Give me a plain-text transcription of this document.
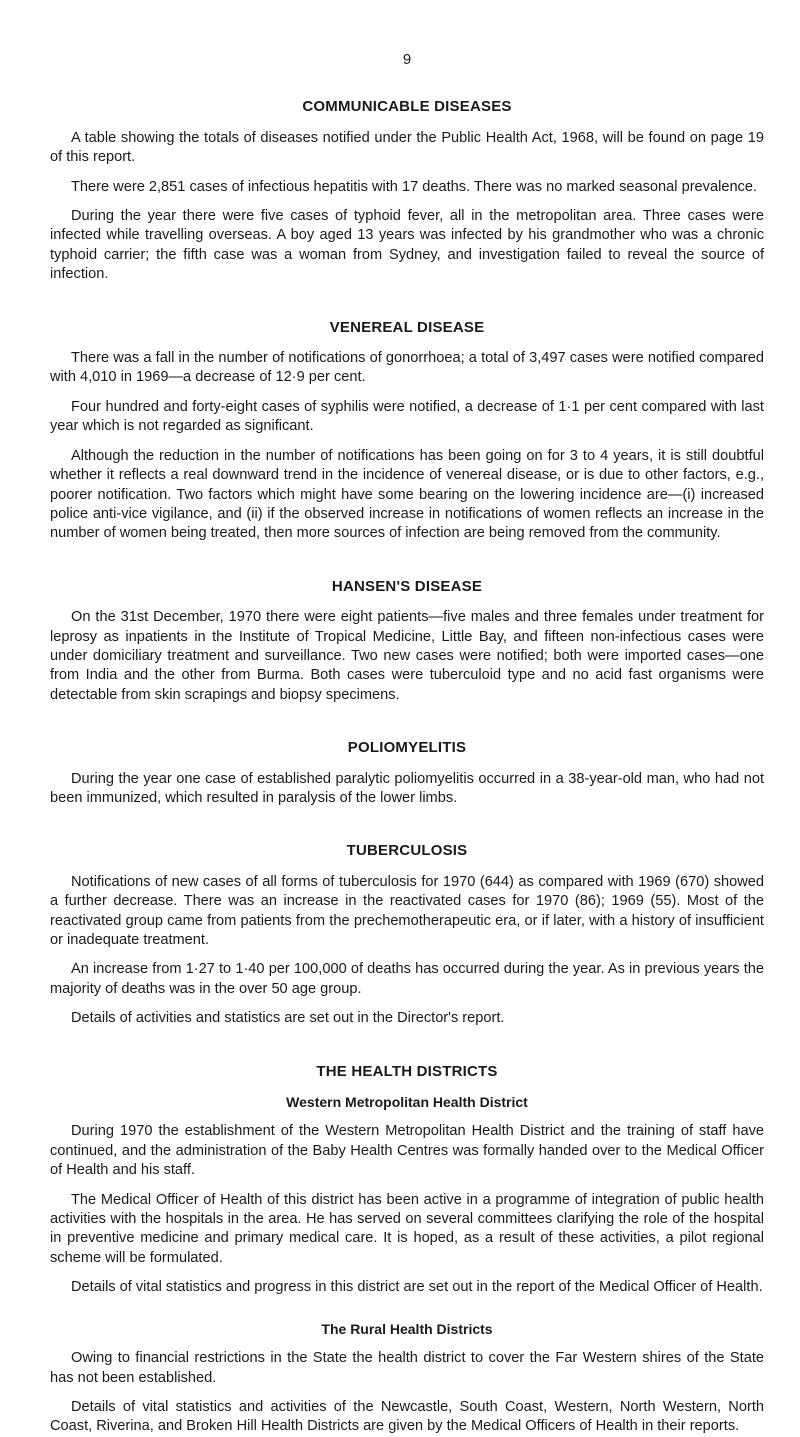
9
COMMUNICABLE DISEASES

A table showing the totals of diseases notified under the Public Health Act, 1968, will be found on page 19 of this report.

There were 2,851 cases of infectious hepatitis with 17 deaths. There was no marked seasonal prevalence.

During the year there were five cases of typhoid fever, all in the metropolitan area. Three cases were infected while travelling overseas. A boy aged 13 years was infected by his grandmother who was a chronic typhoid carrier; the fifth case was a woman from Sydney, and investigation failed to reveal the source of infection.

VENEREAL DISEASE

There was a fall in the number of notifications of gonorrhoea; a total of 3,497 cases were notified compared with 4,010 in 1969—a decrease of 12·9 per cent.

Four hundred and forty-eight cases of syphilis were notified, a decrease of 1·1 per cent compared with last year which is not regarded as significant.

Although the reduction in the number of notifications has been going on for 3 to 4 years, it is still doubtful whether it reflects a real downward trend in the incidence of venereal disease, or is due to other factors, e.g., poorer notification. Two factors which might have some bearing on the lowering incidence are—(i) increased police anti-vice vigilance, and (ii) if the observed increase in notifications of women reflects an increase in the number of women being treated, then more sources of infection are being removed from the community.

HANSEN'S DISEASE

On the 31st December, 1970 there were eight patients—five males and three females under treatment for leprosy as inpatients in the Institute of Tropical Medicine, Little Bay, and fifteen non-infectious cases were under domiciliary treatment and surveillance. Two new cases were notified; both were imported cases—one from India and the other from Burma. Both cases were tuberculoid type and no acid fast organisms were detectable from skin scrapings and biopsy specimens.

POLIOMYELITIS

During the year one case of established paralytic poliomyelitis occurred in a 38-year-old man, who had not been immunized, which resulted in paralysis of the lower limbs.

TUBERCULOSIS

Notifications of new cases of all forms of tuberculosis for 1970 (644) as compared with 1969 (670) showed a further decrease. There was an increase in the reactivated cases for 1970 (86); 1969 (55). Most of the reactivated group came from patients from the prechemotherapeutic era, or if later, with a history of insufficient or inadequate treatment.

An increase from 1·27 to 1·40 per 100,000 of deaths has occurred during the year. As in previous years the majority of deaths was in the over 50 age group.

Details of activities and statistics are set out in the Director's report.

THE HEALTH DISTRICTS
Western Metropolitan Health District

During 1970 the establishment of the Western Metropolitan Health District and the training of staff have continued, and the administration of the Baby Health Centres was formally handed over to the Medical Officer of Health and his staff.

The Medical Officer of Health of this district has been active in a programme of integration of public health activities with the hospitals in the area. He has served on several committees clarifying the role of the hospital in preventive medicine and primary medical care. It is hoped, as a result of these activities, a pilot regional scheme will be formulated.

Details of vital statistics and progress in this district are set out in the report of the Medical Officer of Health.

The Rural Health Districts

Owing to financial restrictions in the State the health district to cover the Far Western shires of the State has not been established.

Details of vital statistics and activities of the Newcastle, South Coast, Western, North Western, North Coast, Riverina, and Broken Hill Health Districts are given by the Medical Officers of Health in their reports.
